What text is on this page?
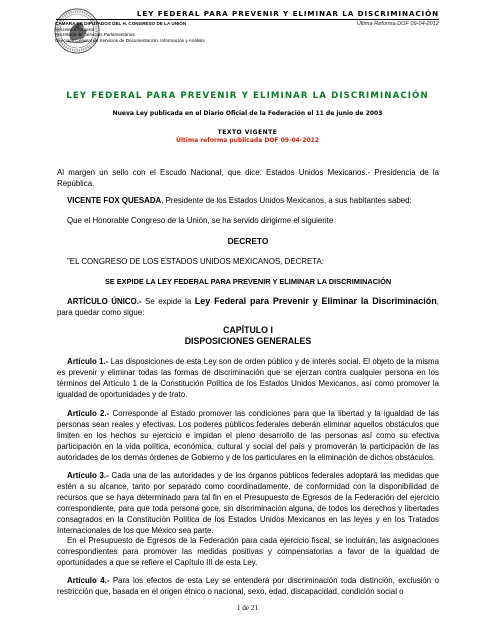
LEY FEDERAL PARA PREVENIR Y ELIMINAR LA DISCRIMINACIÓN
CÁMARA DE DIPUTADOS DEL H. CONGRESO DE LA UNIÓN
Secretaría General
Secretaría de Servicios Parlamentarios
Dirección General de Servicios de Documentación, Información y Análisis
Última Reforma DOF 09-04-2012
LEY FEDERAL PARA PREVENIR Y ELIMINAR LA DISCRIMINACIÓN
Nueva Ley publicada en el Diario Oficial de la Federación el 11 de junio de 2003
TEXTO VIGENTE
Última reforma publicada DOF 09-04-2012
Al margen un sello con el Escudo Nacional, que dice: Estados Unidos Mexicanos.- Presidencia de la República.
VICENTE FOX QUESADA, Presidente de los Estados Unidos Mexicanos, a sus habitantes sabed:
Que el Honorable Congreso de la Unión, se ha servido dirigirme el siguiente
DECRETO
"EL CONGRESO DE LOS ESTADOS UNIDOS MEXICANOS, DECRETA:
SE EXPIDE LA LEY FEDERAL PARA PREVENIR Y ELIMINAR LA DISCRIMINACIÓN
ARTÍCULO ÚNICO.- Se expide la Ley Federal para Prevenir y Eliminar la Discriminación, para quedar como sigue:
CAPÍTULO I
DISPOSICIONES GENERALES
Artículo 1.- Las disposiciones de esta Ley son de orden público y de interés social. El objeto de la misma es prevenir y eliminar todas las formas de discriminación que se ejerzan contra cualquier persona en los términos del Artículo 1 de la Constitución Política de los Estados Unidos Mexicanos, así como promover la igualdad de oportunidades y de trato.
Artículo 2.- Corresponde al Estado promover las condiciones para que la libertad y la igualdad de las personas sean reales y efectivas. Los poderes públicos federales deberán eliminar aquellos obstáculos que limiten en los hechos su ejercicio e impidan el pleno desarrollo de las personas así como su efectiva participación en la vida política, económica, cultural y social del país y promoverán la participación de las autoridades de los demás órdenes de Gobierno y de los particulares en la eliminación de dichos obstáculos.
Artículo 3.- Cada una de las autoridades y de los órganos públicos federales adoptará las medidas que estén a su alcance, tanto por separado como coordinadamente, de conformidad con la disponibilidad de recursos que se haya determinado para tal fin en el Presupuesto de Egresos de la Federación del ejercicio correspondiente, para que toda persona goce, sin discriminación alguna, de todos los derechos y libertades consagrados en la Constitución Política de los Estados Unidos Mexicanos en las leyes y en los Tratados Internacionales de los que México sea parte.
En el Presupuesto de Egresos de la Federación para cada ejercicio fiscal, se incluirán, las asignaciones correspondientes para promover las medidas positivas y compensatorias a favor de la igualdad de oportunidades a que se refiere el Capítulo III de esta Ley.
Artículo 4.- Para los efectos de esta Ley se entenderá por discriminación toda distinción, exclusión o restricción que, basada en el origen étnico o nacional, sexo, edad, discapacidad, condición social o
1 de 21
